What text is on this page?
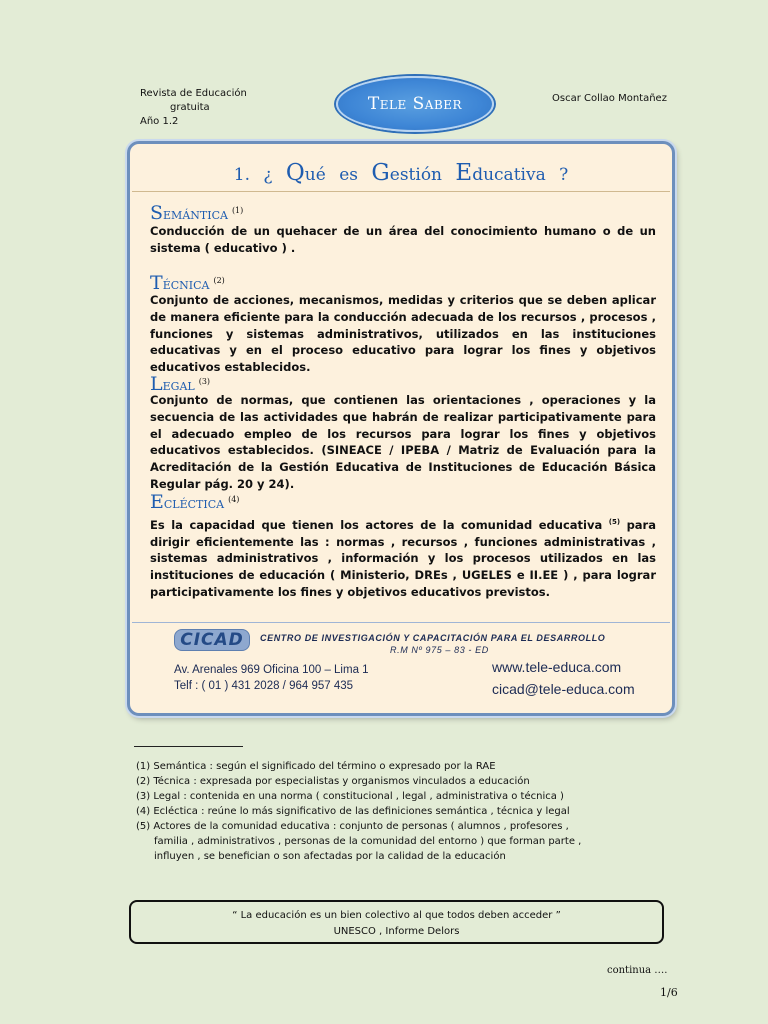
Revista de Educación
gratuita
Año 1.2
Tele Saber	Oscar Collao Montañez
1. ¿ Qué es Gestión Educativa ?
Semántica $^{(1)}$
Conducción de un quehacer de un área del conocimiento humano o de un sistema ( educativo ) .
Técnica $^{(2)}$
Conjunto de acciones, mecanismos, medidas y criterios que se deben aplicar de manera eficiente para la conducción adecuada de los recursos , procesos , funciones y sistemas administrativos, utilizados en las instituciones educativas y en el proceso educativo para lograr los fines y objetivos educativos establecidos.
Legal $^{(3)}$
Conjunto de normas, que contienen las orientaciones , operaciones y la secuencia de las actividades que habrán de realizar participativamente para el adecuado empleo de los recursos para lograr los fines y objetivos educativos establecidos. (SINEACE / IPEBA / Matriz de Evaluación para la Acreditación de la Gestión Educativa de Instituciones de Educación Básica Regular pág. 20 y 24).
Ecléctica $^{(4)}$
Es la capacidad que tienen los actores de la comunidad educativa $^{(5)}$ para dirigir eficientemente las : normas , recursos , funciones administrativas , sistemas administrativos , información y los procesos utilizados en las instituciones de educación ( Ministerio, DREs , UGELES e II.EE ) , para lograr participativamente los fines y objetivos educativos previstos.
CICAD CENTRO DE INVESTIGACIÓN Y CAPACITACIÓN PARA EL DESARROLLO
R.M Nº 975 – 83 - ED
Av. Arenales 969 Oficina 100 – Lima 1
Telf : ( 01 ) 431 2028 / 964 957 435
www.tele-educa.com
cicad@tele-educa.com
(1) Semántica : según el significado del término o expresado por la RAE
(2) Técnica : expresada por especialistas y organismos vinculados a educación
(3) Legal : contenida en una norma ( constitucional , legal , administrativa o técnica )
(4) Ecléctica : reúne lo más significativo de las definiciones semántica , técnica y legal
(5) Actores de la comunidad educativa : conjunto de personas ( alumnos , profesores ,
familia , administrativos , personas de la comunidad del entorno ) que forman parte ,
influyen , se benefician o son afectadas por la calidad de la educación
“ La educación es un bien colectivo al que todos deben acceder ”
UNESCO , Informe Delors
continua ….
1/6
